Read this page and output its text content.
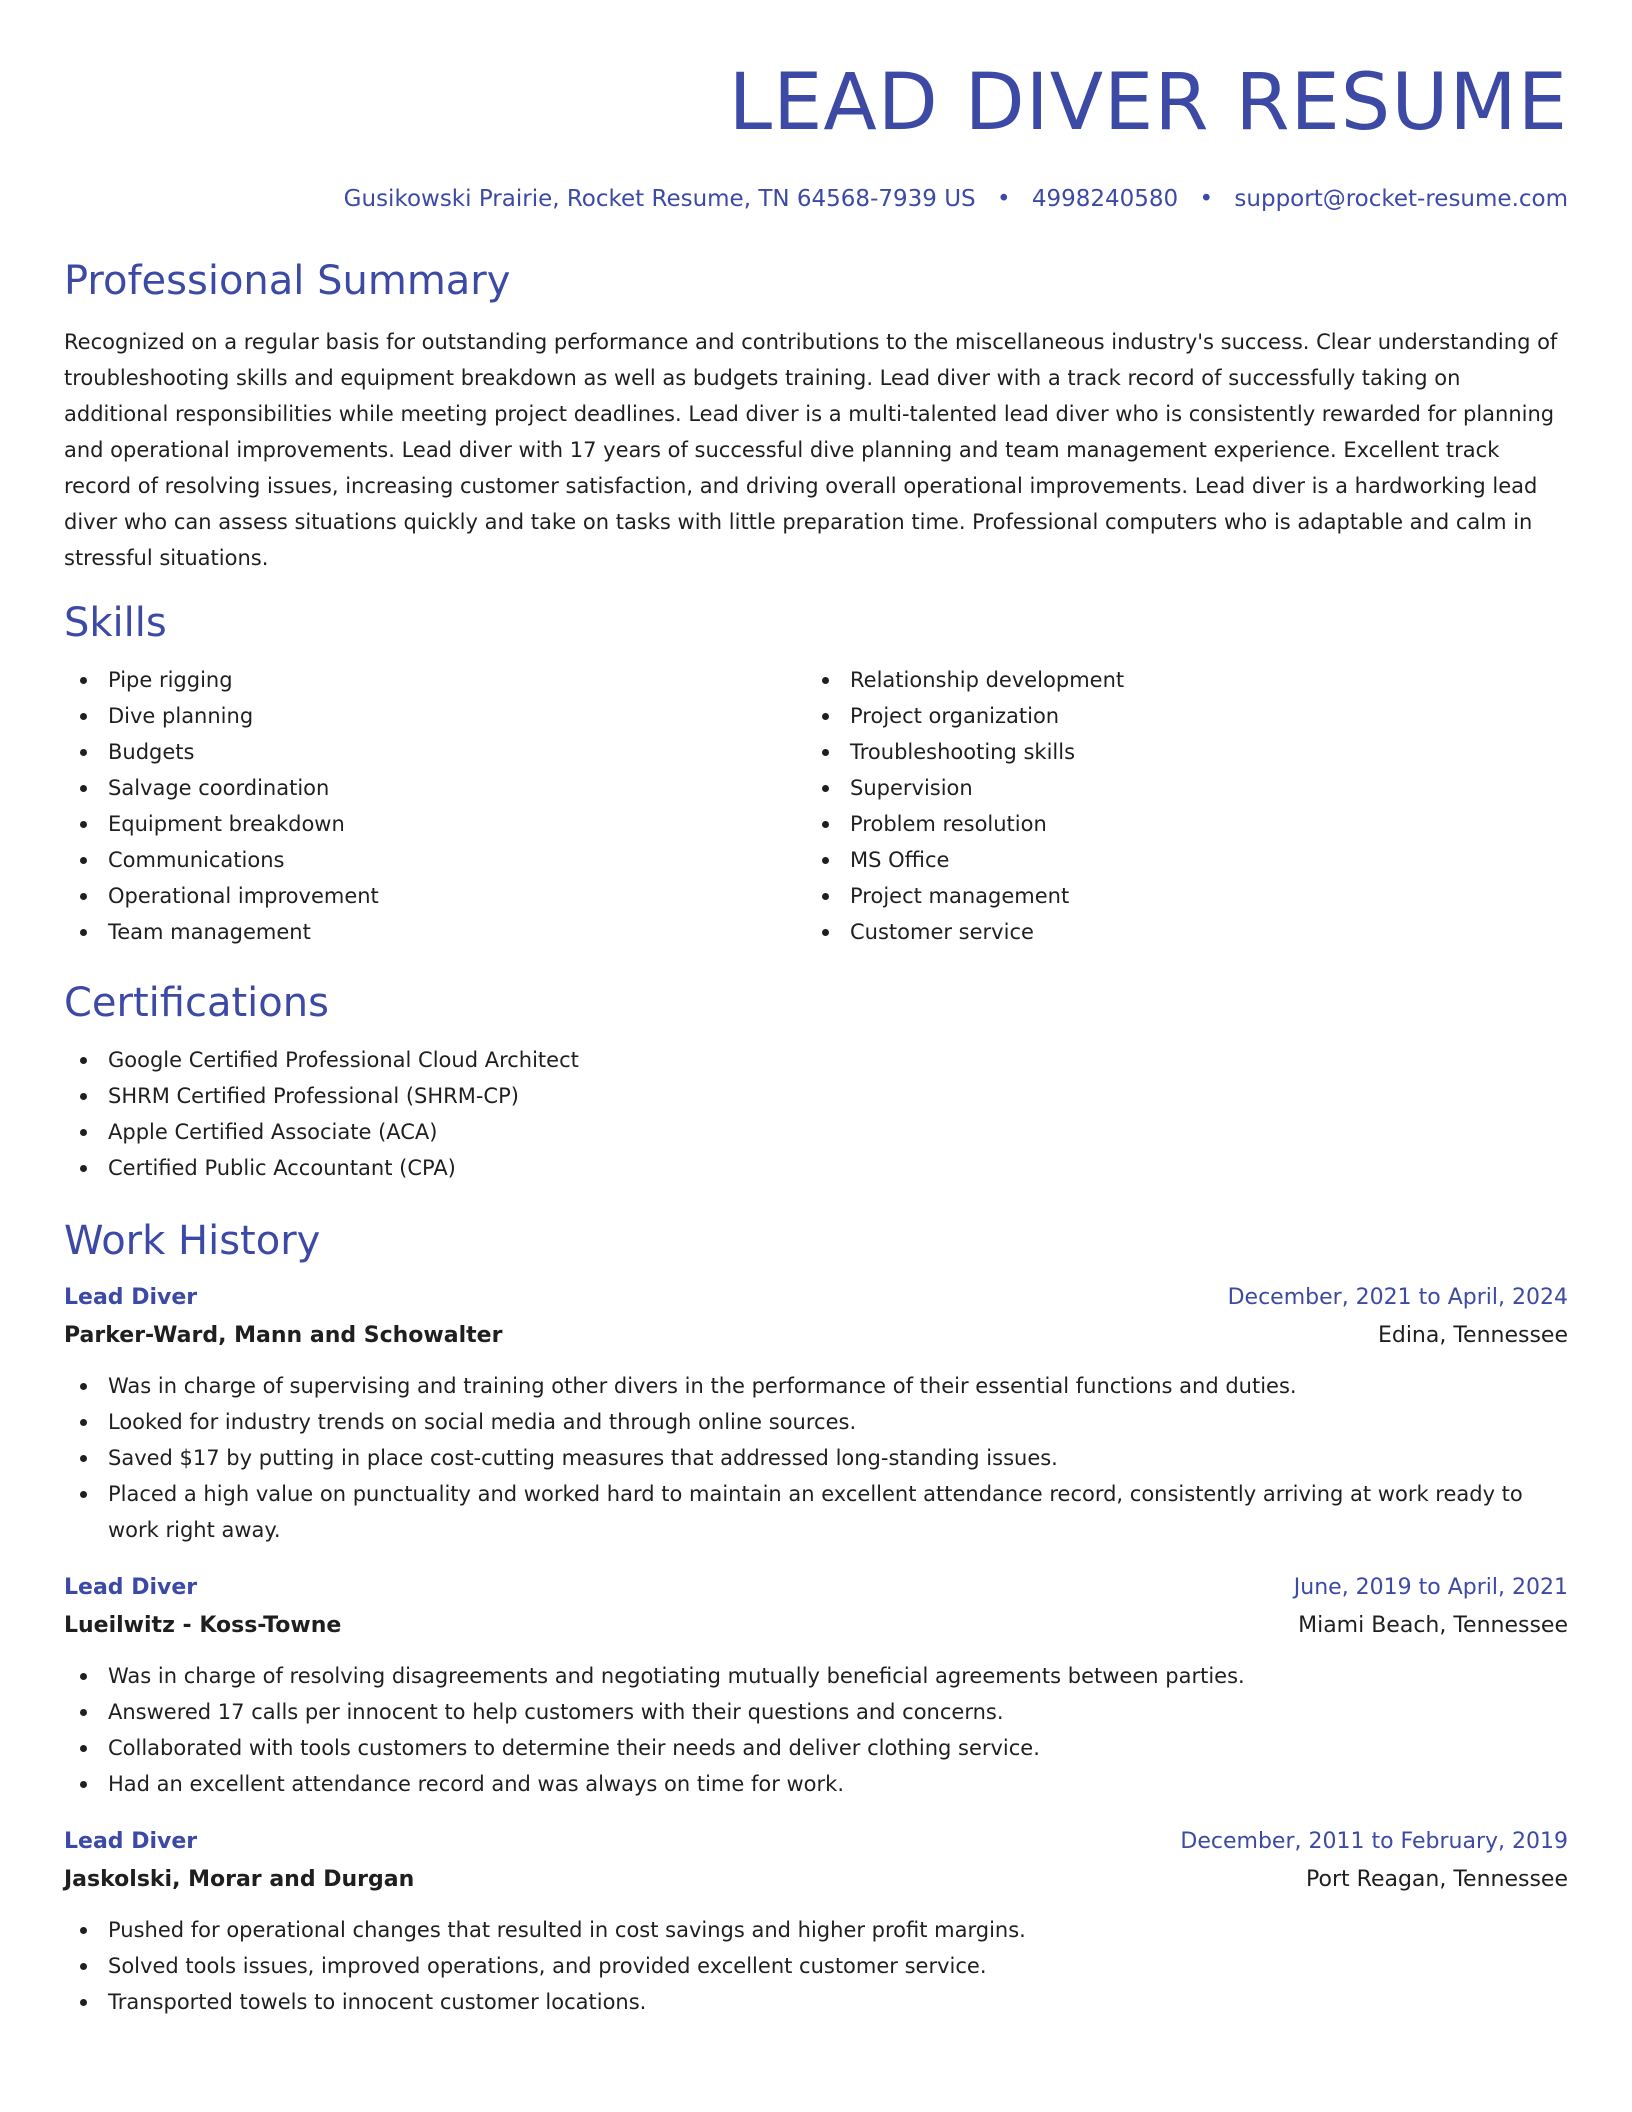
LEAD DIVER RESUME
Gusikowski Prairie, Rocket Resume, TN 64568-7939 US • 4998240580 • support@rocket-resume.com
Professional Summary
Recognized on a regular basis for outstanding performance and contributions to the miscellaneous industry's success. Clear understanding of troubleshooting skills and equipment breakdown as well as budgets training. Lead diver with a track record of successfully taking on additional responsibilities while meeting project deadlines. Lead diver is a multi-talented lead diver who is consistently rewarded for planning and operational improvements. Lead diver with 17 years of successful dive planning and team management experience. Excellent track record of resolving issues, increasing customer satisfaction, and driving overall operational improvements. Lead diver is a hardworking lead diver who can assess situations quickly and take on tasks with little preparation time. Professional computers who is adaptable and calm in stressful situations.
Skills
Pipe rigging
Dive planning
Budgets
Salvage coordination
Equipment breakdown
Communications
Operational improvement
Team management
Relationship development
Project organization
Troubleshooting skills
Supervision
Problem resolution
MS Office
Project management
Customer service
Certifications
Google Certified Professional Cloud Architect
SHRM Certified Professional (SHRM-CP)
Apple Certified Associate (ACA)
Certified Public Accountant (CPA)
Work History
Lead Diver	December, 2021 to April, 2024
Parker-Ward, Mann and Schowalter	Edina, Tennessee
Was in charge of supervising and training other divers in the performance of their essential functions and duties.
Looked for industry trends on social media and through online sources.
Saved $17 by putting in place cost-cutting measures that addressed long-standing issues.
Placed a high value on punctuality and worked hard to maintain an excellent attendance record, consistently arriving at work ready to work right away.
Lead Diver	June, 2019 to April, 2021
Lueilwitz - Koss-Towne	Miami Beach, Tennessee
Was in charge of resolving disagreements and negotiating mutually beneficial agreements between parties.
Answered 17 calls per innocent to help customers with their questions and concerns.
Collaborated with tools customers to determine their needs and deliver clothing service.
Had an excellent attendance record and was always on time for work.
Lead Diver	December, 2011 to February, 2019
Jaskolski, Morar and Durgan	Port Reagan, Tennessee
Pushed for operational changes that resulted in cost savings and higher profit margins.
Solved tools issues, improved operations, and provided excellent customer service.
Transported towels to innocent customer locations.
